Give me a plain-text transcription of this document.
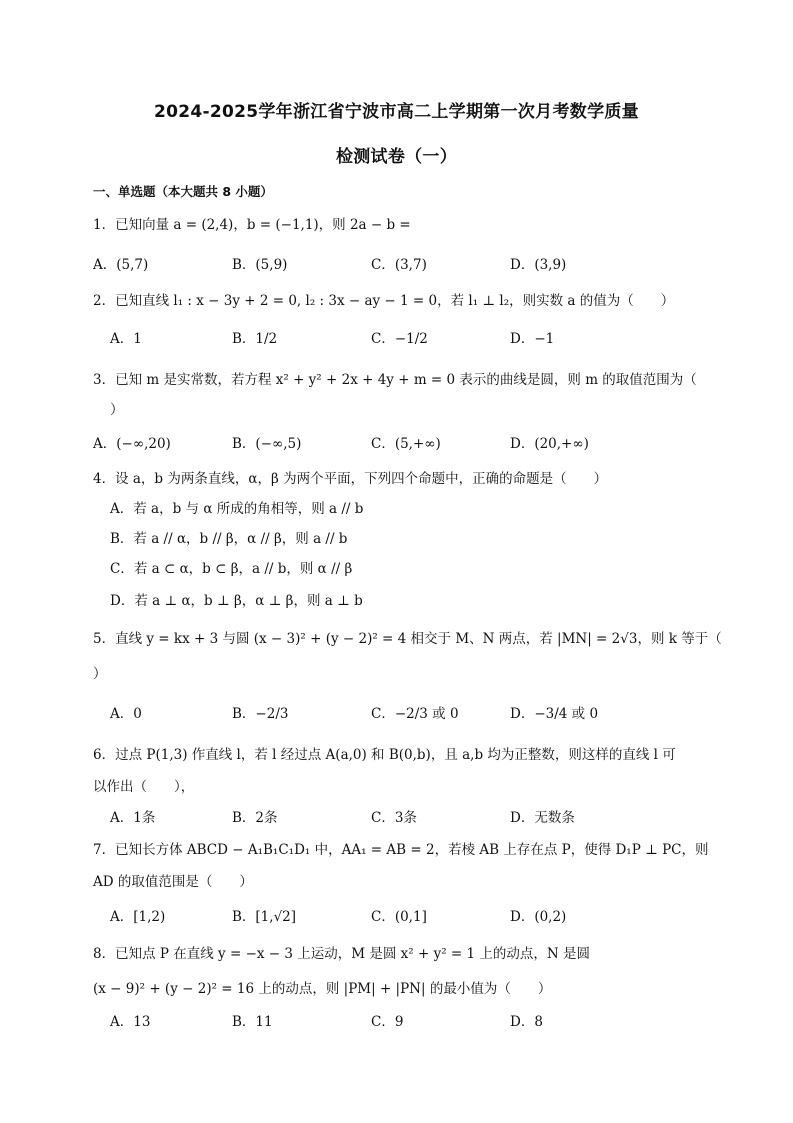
2024-2025学年浙江省宁波市高二上学期第一次月考数学质量
检测试卷（一）
一、单选题（本大题共 8 小题）
1．已知向量 a = (2,4)，b = (−1,1)，则 2a − b =
A．(5,7)	B．(5,9)	C．(3,7)	D．(3,9)
2．已知直线 l₁ : x − 3y + 2 = 0, l₂ : 3x − ay − 1 = 0，若 l₁ ⊥ l₂，则实数 a 的值为（　　）
A．1	B．1/2	C．−1/2	D．−1
3．已知 m 是实常数，若方程 x² + y² + 2x + 4y + m = 0 表示的曲线是圆，则 m 的取值范围为（
）
A．(−∞,20)	B．(−∞,5)	C．(5,+∞)	D．(20,+∞)
4．设 a，b 为两条直线，α，β 为两个平面，下列四个命题中，正确的命题是（　　）
A．若 a，b 与 α 所成的角相等，则 a // b
B．若 a // α，b // β，α // β，则 a // b
C．若 a ⊂ α，b ⊂ β，a // b，则 α // β
D．若 a ⊥ α，b ⊥ β，α ⊥ β，则 a ⊥ b
5．直线 y = kx + 3 与圆 (x − 3)² + (y − 2)² = 4 相交于 M、N 两点，若 |MN| = 2√3，则 k 等于（
）
A．0	B．−2/3	C．−2/3 或 0	D．−3/4 或 0
6．过点 P(1,3) 作直线 l，若 l 经过点 A(a,0) 和 B(0,b)，且 a,b 均为正整数，则这样的直线 l 可
以作出（　　），
A．1条	B．2条	C．3条	D．无数条
7．已知长方体 ABCD − A₁B₁C₁D₁ 中，AA₁ = AB = 2，若棱 AB 上存在点 P，使得 D₁P ⊥ PC，则
AD 的取值范围是（　　）
A．[1,2)	B．[1,√2]	C．(0,1]	D．(0,2)
8．已知点 P 在直线 y = −x − 3 上运动，M 是圆 x² + y² = 1 上的动点，N 是圆
(x − 9)² + (y − 2)² = 16 上的动点，则 |PM| + |PN| 的最小值为（　　）
A．13	B．11	C．9	D．8
